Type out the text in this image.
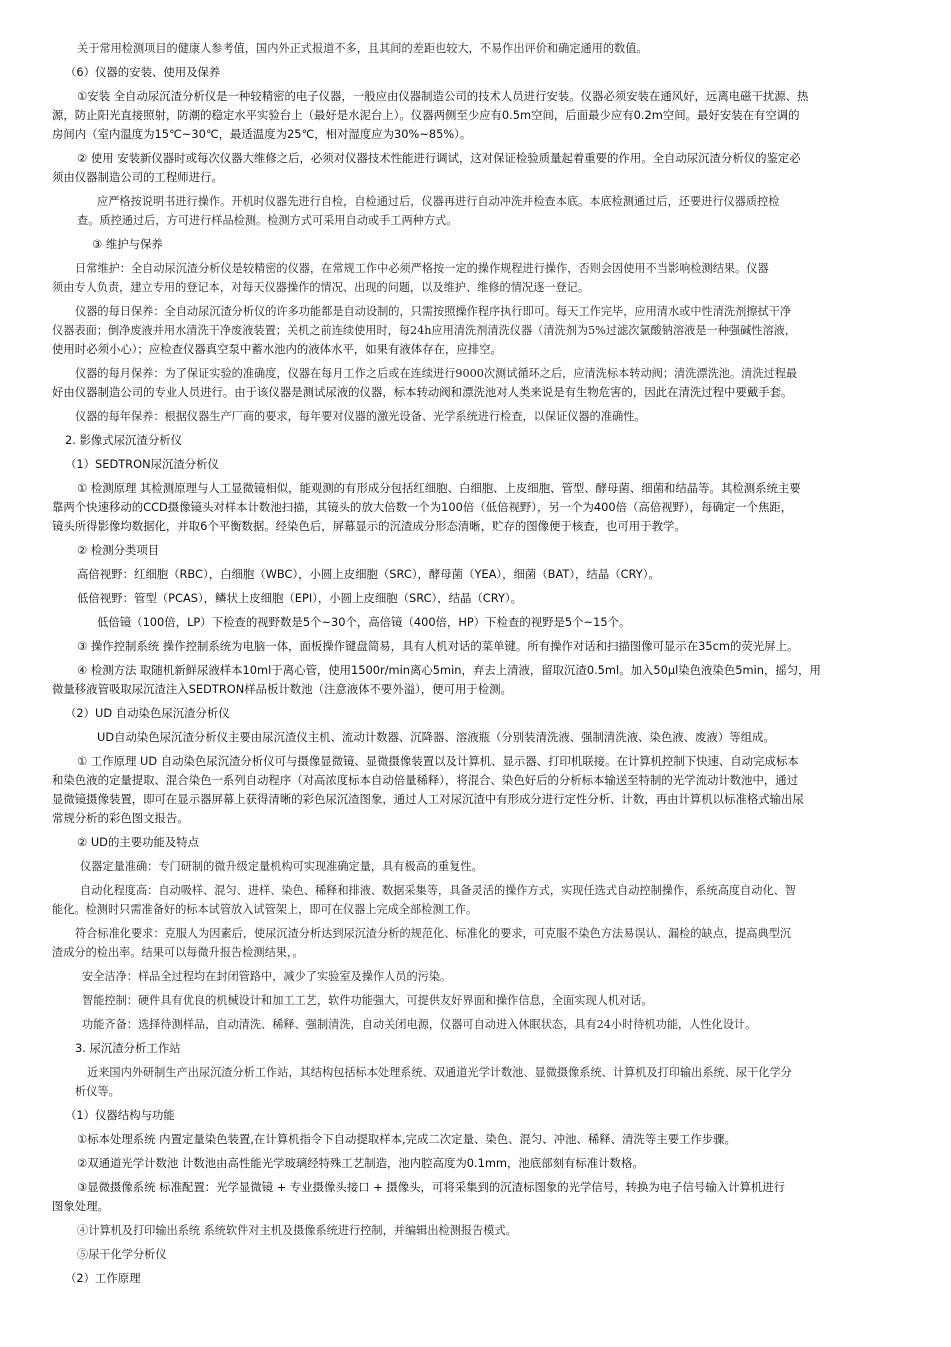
关于常用检测项目的健康人参考值，国内外正式报道不多，且其间的差距也较大，不易作出评价和确定通用的数值。
（6）仪器的安装、使用及保养
①安装 全自动尿沉渣分析仪是一种较精密的电子仪器，一般应由仪器制造公司的技术人员进行安装。仪器必须安装在通风好，远离电磁干扰源、热
源，防止阳光直接照射，防潮的稳定水平实验台上（最好是水泥台上）。仪器两侧至少应有0.5m空间，后面最少应有0.2m空间。最好安装在有空调的
房间内（室内温度为15℃~30℃，最适温度为25℃，相对湿度应为30%~85%）。
② 使用 安装新仪器时或每次仪器大维修之后，必须对仪器技术性能进行调试，这对保证检验质量起着重要的作用。全自动尿沉渣分析仪的鉴定必
须由仪器制造公司的工程师进行。
应严格按说明书进行操作。开机时仪器先进行自检，自检通过后，仪器再进行自动冲洗并检查本底。本底检测通过后，还要进行仪器质控检
查。质控通过后，方可进行样品检测。检测方式可采用自动或手工两种方式。
③ 维护与保养
日常维护：全自动尿沉渣分析仪是较精密的仪器，在常规工作中必须严格按一定的操作规程进行操作，否则会因使用不当影响检测结果。仪器
须由专人负责，建立专用的登记本，对每天仪器操作的情况、出现的问题，以及维护、维修的情况逐一登记。
仪器的每日保养：全自动尿沉渣分析仪的许多功能都是自动设制的，只需按照操作程序执行即可。每天工作完毕，应用清水或中性清洗剂擦拭干净
仪器表面；倒净废液并用水清洗干净废液装置；关机之前连续使用时，每24h应用清洗剂清洗仪器（清洗剂为5%过滤次氯酸钠溶液是一种强碱性溶液，
使用时必须小心）；应检查仪器真空泵中蓄水池内的液体水平，如果有液体存在，应排空。
仪器的每月保养：为了保证实验的准确度，仪器在每月工作之后或在连续进行9000次测试循环之后，应清洗标本转动阀；清洗漂洗池。清洗过程最
好由仪器制造公司的专业人员进行。由于该仪器是测试尿液的仪器，标本转动阀和漂洗池对人类来说是有生物危害的，因此在清洗过程中要戴手套。
仪器的每年保养：根据仪器生产厂商的要求，每年要对仪器的激光设备、光学系统进行检查，以保证仪器的准确性。
2. 影像式尿沉渣分析仪
（1）SEDTRON尿沉渣分析仪
① 检测原理 其检测原理与人工显微镜相似，能观测的有形成分包括红细胞、白细胞、上皮细胞、管型、酵母菌、细菌和结晶等。其检测系统主要
靠两个快速移动的CCD摄像镜头对样本计数池扫描，其镜头的放大倍数一个为100倍（低倍视野），另一个为400倍（高倍视野），每确定一个焦距，
镜头所得影像均数据化，并取6个平衡数据。经染色后，屏幕显示的沉渣成分形态清晰，贮存的图像便于核查，也可用于教学。
② 检测分类项目
高倍视野：红细胞（RBC），白细胞（WBC），小圆上皮细胞（SRC），酵母菌（YEA），细菌（BAT），结晶（CRY）。
低倍视野：管型（PCAS），鳞状上皮细胞（EPI），小圆上皮细胞（SRC），结晶（CRY）。
低倍镜（100倍，LP）下检查的视野数是5个~30个，高倍镜（400倍，HP）下检查的视野是5个~15个。
③ 操作控制系统 操作控制系统为电脑一体，面板操作键盘简易，具有人机对话的菜单键。所有操作对话和扫描图像可显示在35cm的荧光屏上。
④ 检测方法 取随机新鲜尿液样本10ml于离心管，使用1500r/min离心5min，弃去上清液，留取沉渣0.5ml。加入50μl染色液染色5min，摇匀，用
微量移液管吸取尿沉渣注入SEDTRON样品板计数池（注意液体不要外溢），便可用于检测。
（2）UD 自动染色尿沉渣分析仪
UD自动染色尿沉渣分析仪主要由尿沉渣仪主机、流动计数器、沉降器、溶液瓶（分别装清洗液、强制清洗液、染色液、废液）等组成。
① 工作原理 UD 自动染色尿沉渣分析仪可与摄像显微镜、显微摄像装置以及计算机、显示器、打印机联接。在计算机控制下快速、自动完成标本
和染色液的定量提取、混合染色一系列自动程序（对高浓度标本自动倍量稀释），将混合、染色好后的分析标本输送至特制的光学流动计数池中，通过
显微镜摄像装置，即可在显示器屏幕上获得清晰的彩色尿沉渣图象，通过人工对尿沉渣中有形成分进行定性分析、计数，再由计算机以标准格式输出尿
常规分析的彩色图文报告。
② UD的主要功能及特点
仪器定量准确：专门研制的微升级定量机构可实现准确定量，具有极高的重复性。
自动化程度高：自动吸样、混匀、进样、染色、稀释和排液、数据采集等，具备灵活的操作方式，实现任选式自动控制操作，系统高度自动化、智
能化。检测时只需准备好的标本试管放入试管架上，即可在仪器上完成全部检测工作。
符合标准化要求：克服人为因素后，使尿沉渣分析达到尿沉渣分析的规范化、标准化的要求，可克服不染色方法易误认、漏检的缺点，提高典型沉
渣成分的检出率。结果可以每微升报告检测结果，。
安全洁净：样品全过程均在封闭管路中，减少了实验室及操作人员的污染。
智能控制：硬件具有优良的机械设计和加工工艺，软件功能强大，可提供友好界面和操作信息，全面实现人机对话。
功能齐备：选择待测样品，自动清洗、稀释、强制清洗，自动关闭电源，仪器可自动进入休眠状态，具有24小时待机功能，人性化设计。
3. 尿沉渣分析工作站
近来国内外研制生产出尿沉渣分析工作站，其结构包括标本处理系统、双通道光学计数池、显微摄像系统、计算机及打印输出系统、尿干化学分
析仪等。
（1）仪器结构与功能
①标本处理系统 内置定量染色装置,在计算机指令下自动提取样本,完成二次定量、染色、混匀、冲池、稀释、清洗等主要工作步骤。
②双通道光学计数池 计数池由高性能光学玻璃经特殊工艺制造，池内腔高度为0.1mm，池底部刻有标准计数格。
③显微摄像系统 标准配置：光学显微镜 + 专业摄像头接口 + 摄像头，可将采集到的沉渣标图象的光学信号，转换为电子信号输入计算机进行
图象处理。
④计算机及打印输出系统 系统软件对主机及摄像系统进行控制，并编辑出检测报告模式。
⑤尿干化学分析仪
（2）工作原理
